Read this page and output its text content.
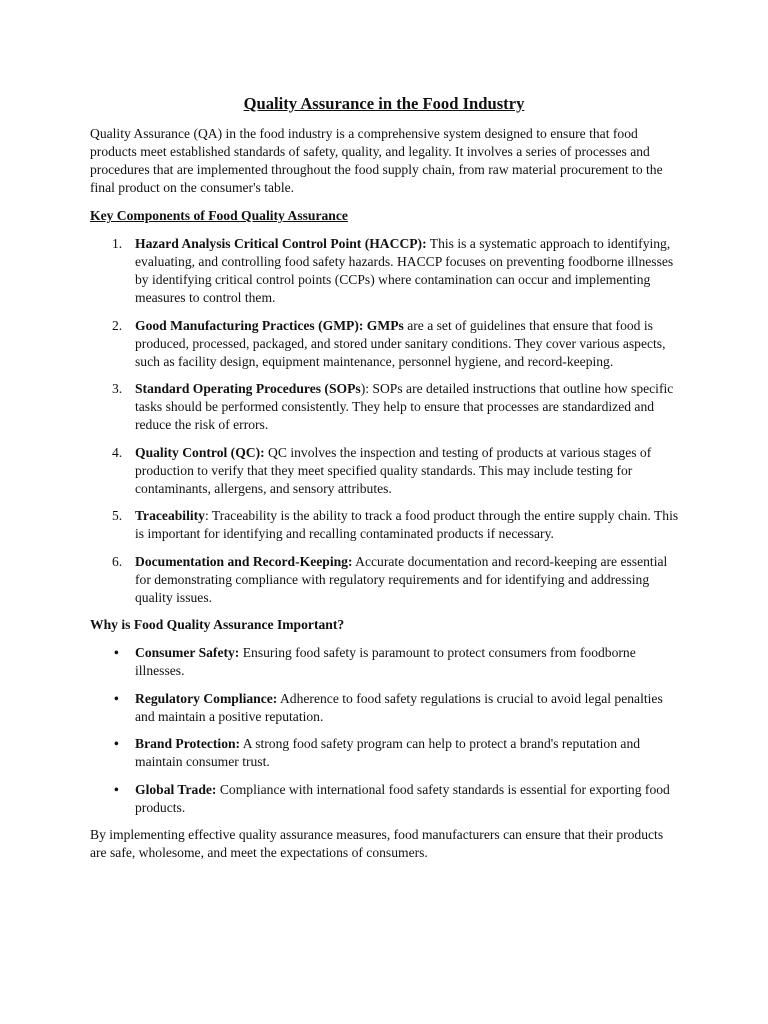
Quality Assurance in the Food Industry

Quality Assurance (QA) in the food industry is a comprehensive system designed to ensure that food products meet established standards of safety, quality, and legality. It involves a series of processes and procedures that are implemented throughout the food supply chain, from raw material procurement to the final product on the consumer's table.

Key Components of Food Quality Assurance

1. Hazard Analysis Critical Control Point (HACCP): This is a systematic approach to identifying, evaluating, and controlling food safety hazards. HACCP focuses on preventing foodborne illnesses by identifying critical control points (CCPs) where contamination can occur and implementing measures to control them.
2. Good Manufacturing Practices (GMP): GMPs are a set of guidelines that ensure that food is produced, processed, packaged, and stored under sanitary conditions. They cover various aspects, such as facility design, equipment maintenance, personnel hygiene, and record-keeping.
3. Standard Operating Procedures (SOPs): SOPs are detailed instructions that outline how specific tasks should be performed consistently. They help to ensure that processes are standardized and reduce the risk of errors.
4. Quality Control (QC): QC involves the inspection and testing of products at various stages of production to verify that they meet specified quality standards. This may include testing for contaminants, allergens, and sensory attributes.
5. Traceability: Traceability is the ability to track a food product through the entire supply chain. This is important for identifying and recalling contaminated products if necessary.
6. Documentation and Record-Keeping: Accurate documentation and record-keeping are essential for demonstrating compliance with regulatory requirements and for identifying and addressing quality issues.

Why is Food Quality Assurance Important?

• Consumer Safety: Ensuring food safety is paramount to protect consumers from foodborne illnesses.
• Regulatory Compliance: Adherence to food safety regulations is crucial to avoid legal penalties and maintain a positive reputation.
• Brand Protection: A strong food safety program can help to protect a brand's reputation and maintain consumer trust.
• Global Trade: Compliance with international food safety standards is essential for exporting food products.

By implementing effective quality assurance measures, food manufacturers can ensure that their products are safe, wholesome, and meet the expectations of consumers.
